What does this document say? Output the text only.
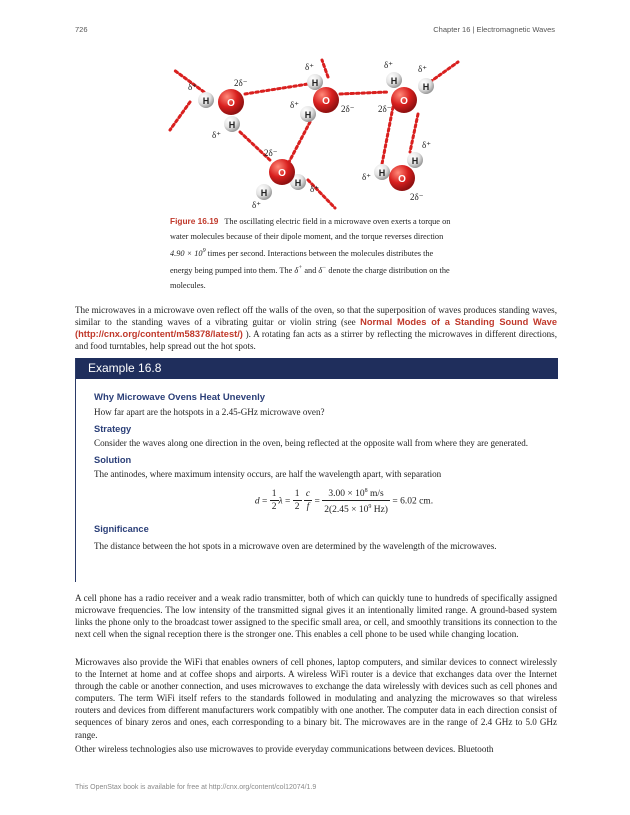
726	Chapter 16 | Electromagnetic Waves
O
H
H
O
H
H
O
H
H
O
H
H
O
H
H
δ⁺	2δ⁻
δ⁺
δ⁺
δ⁺	2δ⁻
δ⁺	δ⁺
2δ⁻
2δ⁻
δ⁺
δ⁺
δ⁺
δ⁺
2δ⁻
Figure 16.19 The oscillating electric field in a microwave oven exerts a torque on water molecules because of their dipole moment, and the torque reverses direction $4.90 \times 10^9$ times per second. Interactions between the molecules distributes the energy being pumped into them. The δ+ and δ− denote the charge distribution on the molecules.
The microwaves in a microwave oven reflect off the walls of the oven, so that the superposition of waves produces standing waves, similar to the standing waves of a vibrating guitar or violin string (see Normal Modes of a Standing Sound Wave (http://cnx.org/content/m58378/latest/) ). A rotating fan acts as a stirrer by reflecting the microwaves in different directions, and food turntables, help spread out the hot spots.
Example 16.8
Why Microwave Ovens Heat Unevenly
How far apart are the hotspots in a 2.45-GHz microwave oven?
Strategy
Consider the waves along one direction in the oven, being reflected at the opposite wall from where they are generated.
Solution
The antinodes, where maximum intensity occurs, are half the wavelength apart, with separation
$d = \frac{1}{2}$ $\lambda = \frac{1}{2}$
$\frac{c}{f} = \frac{3.00 \times 10^8 m/s}{2(2.45 \times 10^9 Hz)} = 6.02$ cm.
Significance
The distance between the hot spots in a microwave oven are determined by the wavelength of the microwaves.
A cell phone has a radio receiver and a weak radio transmitter, both of which can quickly tune to hundreds of specifically assigned microwave frequencies. The low intensity of the transmitted signal gives it an intentionally limited range. A ground-based system links the phone only to the broadcast tower assigned to the specific small area, or cell, and smoothly transitions its connection to the next cell when the signal reception there is the stronger one. This enables a cell phone to be used while changing location.
Microwaves also provide the WiFi that enables owners of cell phones, laptop computers, and similar devices to connect wirelessly to the Internet at home and at coffee shops and airports. A wireless WiFi router is a device that exchanges data over the Internet through the cable or another connection, and uses microwaves to exchange the data wirelessly with devices such as cell phones and computers. The term WiFi itself refers to the standards followed in modulating and analyzing the microwaves so that wireless routers and devices from different manufacturers work compatibly with one another. The computer data in each direction consist of sequences of binary zeros and ones, each corresponding to a binary bit. The microwaves are in the range of 2.4 GHz to 5.0 GHz range.
Other wireless technologies also use microwaves to provide everyday communications between devices. Bluetooth
This OpenStax book is available for free at http://cnx.org/content/col12074/1.9
